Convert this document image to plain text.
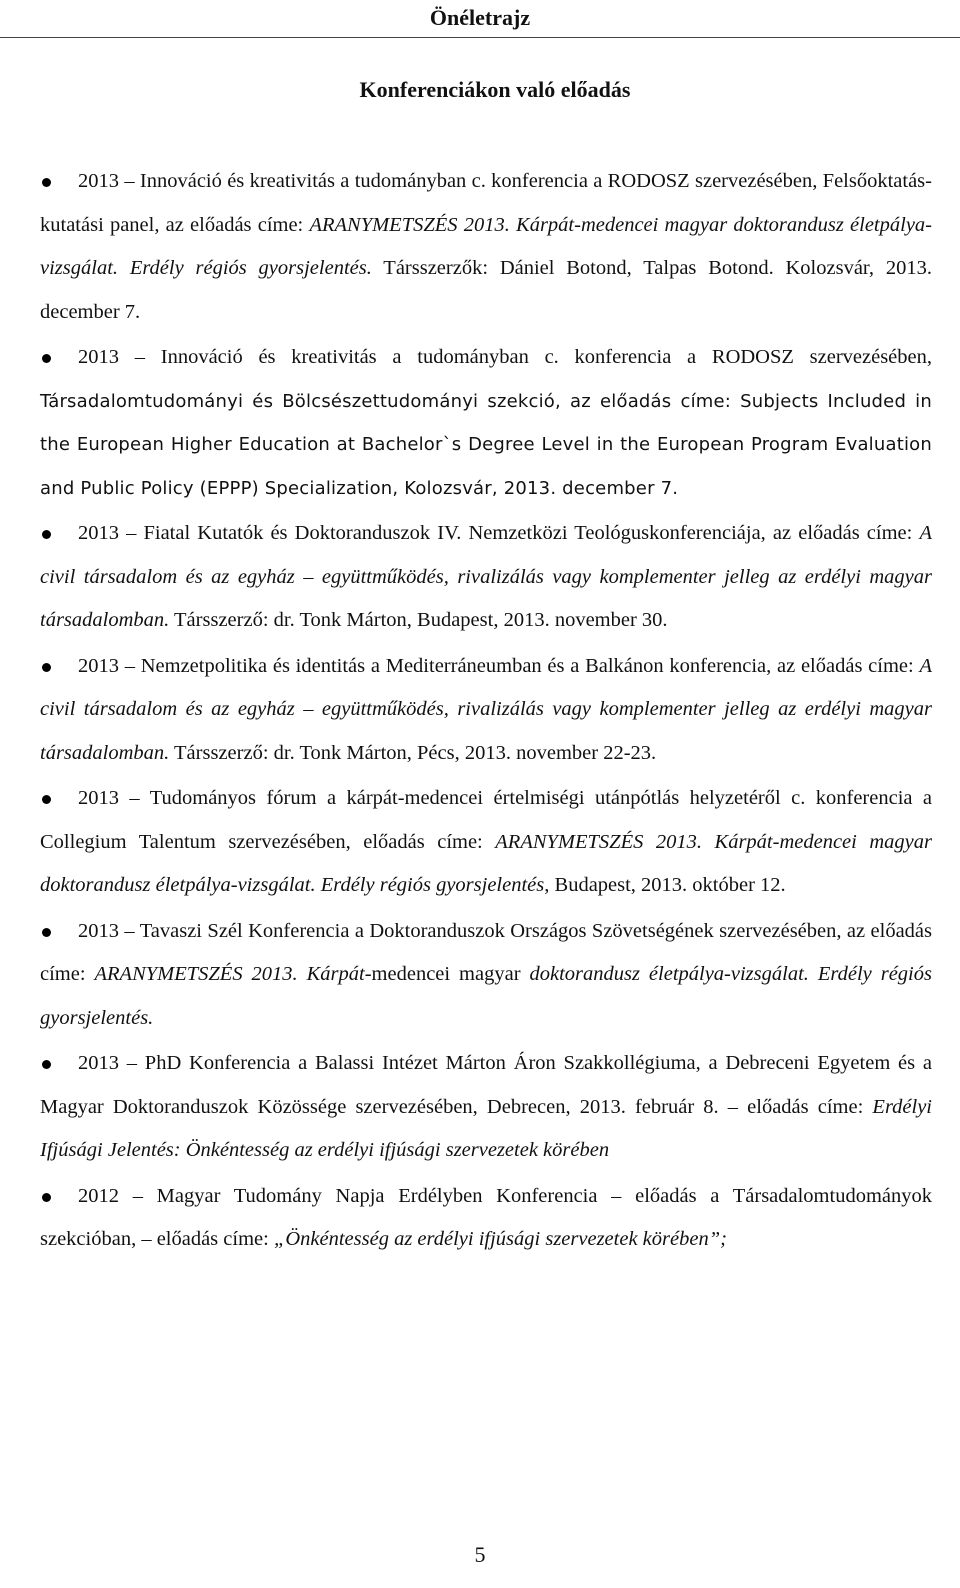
Önéletrajz
Konferenciákon való előadás
2013 – Innováció és kreativitás a tudományban c. konferencia a RODOSZ szervezésében, Felsőoktatás-kutatási panel, az előadás címe: ARANYMETSZÉS 2013. Kárpát-medencei magyar doktorandusz életpálya-vizsgálat. Erdély régiós gyorsjelentés. Társszerzők: Dániel Botond, Talpas Botond. Kolozsvár, 2013. december 7.
2013 – Innováció és kreativitás a tudományban c. konferencia a RODOSZ szervezésében, Társadalomtudományi és Bölcsészettudományi szekció, az előadás címe: Subjects Included in the European Higher Education at Bachelor`s Degree Level in the European Program Evaluation and Public Policy (EPPP) Specialization, Kolozsvár, 2013. december 7.
2013 – Fiatal Kutatók és Doktoranduszok IV. Nemzetközi Teológuskonferenciája, az előadás címe: A civil társadalom és az egyház – együttműködés, rivalizálás vagy komplementer jelleg az erdélyi magyar társadalomban. Társszerző: dr. Tonk Márton, Budapest, 2013. november 30.
2013 – Nemzetpolitika és identitás a Mediterráneumban és a Balkánon konferencia, az előadás címe: A civil társadalom és az egyház – együttműködés, rivalizálás vagy komplementer jelleg az erdélyi magyar társadalomban. Társszerző: dr. Tonk Márton, Pécs, 2013. november 22-23.
2013 – Tudományos fórum a kárpát-medencei értelmiségi utánpótlás helyzetéről c. konferencia a Collegium Talentum szervezésében, előadás címe: ARANYMETSZÉS 2013. Kárpát-medencei magyar doktorandusz életpálya-vizsgálat. Erdély régiós gyorsjelentés, Budapest, 2013. október 12.
2013 – Tavaszi Szél Konferencia a Doktoranduszok Országos Szövetségének szervezésében, az előadás címe: ARANYMETSZÉS 2013. Kárpát-medencei magyar doktorandusz életpálya-vizsgálat. Erdély régiós gyorsjelentés.
2013 – PhD Konferencia a Balassi Intézet Márton Áron Szakkollégiuma, a Debreceni Egyetem és a Magyar Doktoranduszok Közössége szervezésében, Debrecen, 2013. február 8. – előadás címe: Erdélyi Ifjúsági Jelentés: Önkéntesség az erdélyi ifjúsági szervezetek körében
2012 – Magyar Tudomány Napja Erdélyben Konferencia – előadás a Társadalomtudományok szekcióban, – előadás címe: „Önkéntesség az erdélyi ifjúsági szervezetek körében”;
5
